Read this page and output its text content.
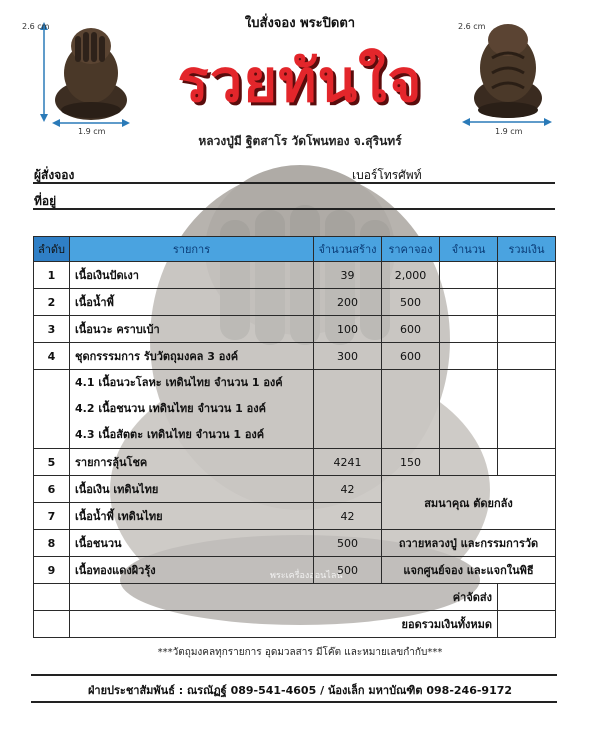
พระเครื่องออนไลน์
2.6 cm
1.9 cm
2.6 cm
1.9 cm
ใบสั่งจอง พระปิดตา
รวยทันใจ
หลวงปู่มี ฐิตสาโร วัดโพนทอง จ.สุรินทร์
ผู้สั่งจอง	เบอร์โทรศัพท์
ที่อยู่
ลำดับ	รายการ	จำนวนสร้าง	ราคาจอง	จำนวน	รวมเงิน
1	เนื้อเงินปัดเงา	39	2,000		
2	เนื้อน้ำพี้	200	500		
3	เนื้อนวะ คราบเบ้า	100	600		
4	ชุดกรรรมการ รับวัตถุมงคล 3 องค์	300	600		

	4.1 เนื้อนวะโลหะ เทดินไทย จำนวน 1 องค์
4.2 เนื้อชนวน เทดินไทย จำนวน 1 องค์
4.3 เนื้อสัตตะ เทดินไทย จำนวน 1 องค์				

5	รายการลุ้นโชค	4241	150		
6	เนื้อเงิน เทดินไทย	42	สมนาคุณ ตัดยกลัง		
7	เนื้อน้ำพี้ เทดินไทย	42			
8	เนื้อชนวน	500	ถวายหลวงปู่ และกรรมการวัด		
9	เนื้อทองแดงผิวรุ้ง	500	แจกศูนย์จอง และแจกในพิธี		
	ค่าจัดส่ง				
	ยอดรวมเงินทั้งหมด				
***วัตถุมงคลทุกรายการ อุดมวลสาร มีโค๊ต และหมายเลขกำกับ***
ฝ่ายประชาสัมพันธ์ : ณรณัฏฐ์ 089-541-4605 / น้องเล็ก มหาบัณฑิต 098-246-9172
